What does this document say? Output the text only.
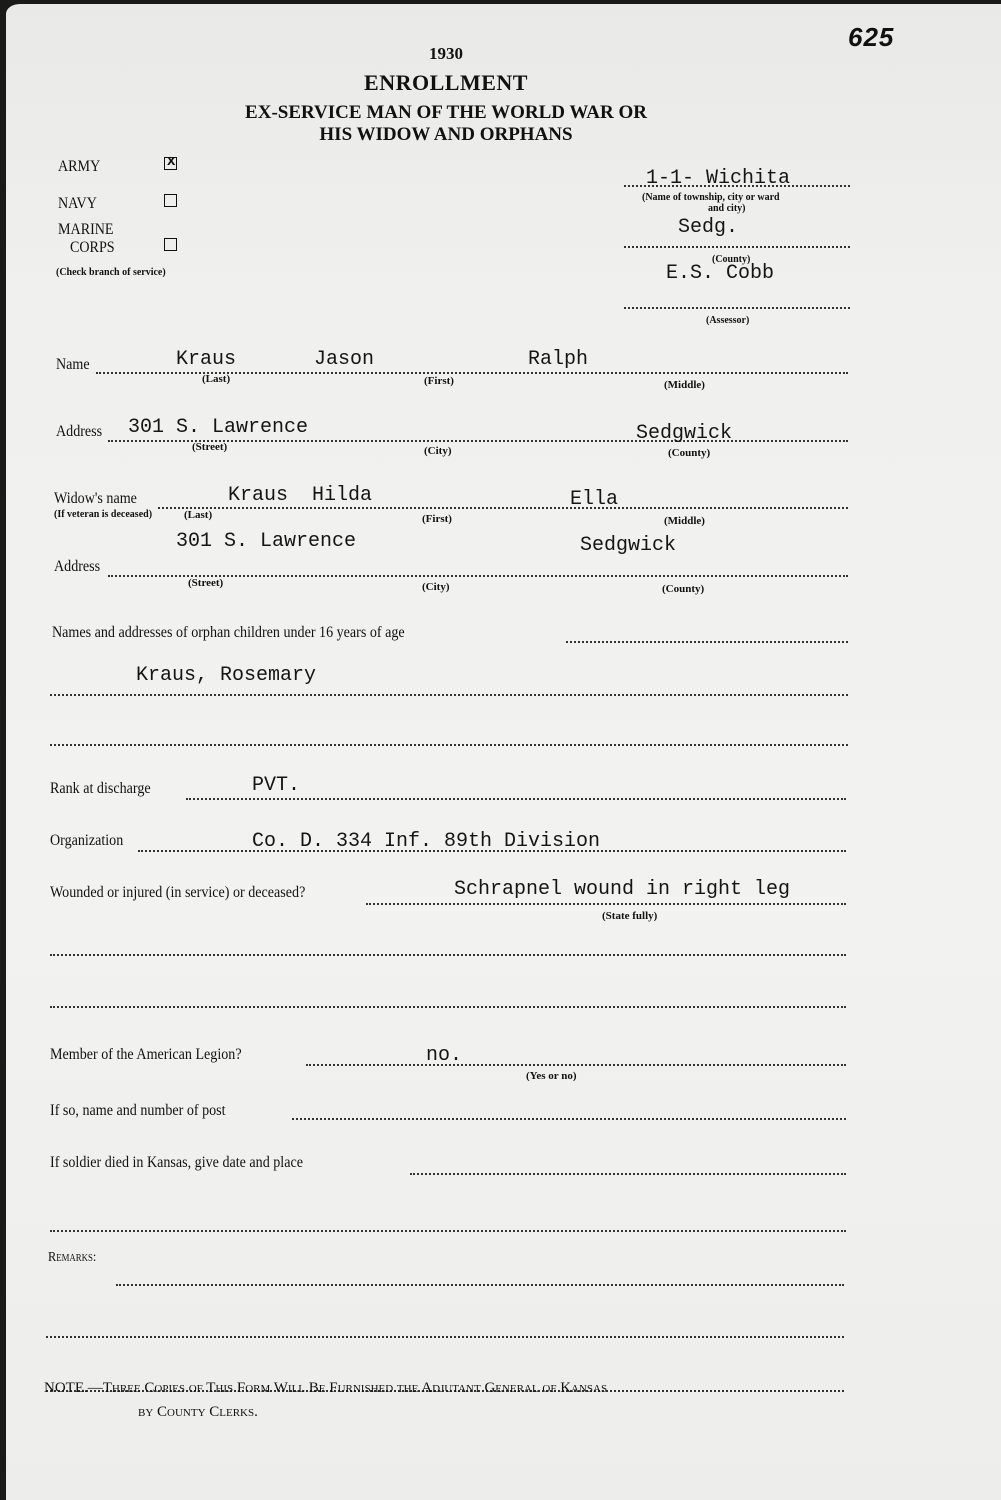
625
1930
ENROLLMENT
EX-SERVICE MAN OF THE WORLD WAR OR
HIS WIDOW AND ORPHANS
ARMY
x
NAVY
MARINE
CORPS
(Check branch of service)
1-1- Wichita
(Name of township, city or ward
and city)
Sedg.
(County)
E.S. Cobb
(Assessor)
Name	Kraus	Jason	Ralph
(Last)	(First)	(Middle)
Address 301 S. Lawrence	Sedgwick
(Street)	(City)	(County)
Widow's name	Kraus Hilda	Ella
(If veteran is deceased)	(Last)	(First)	(Middle)
301 S. Lawrence	Sedgwick
Address
(Street)	(City)	(County)
Names and addresses of orphan children under 16 years of age
Kraus, Rosemary
Rank at discharge	PVT.
Organization	Co. D. 334 Inf. 89th Division
Wounded or injured (in service) or deceased?	Schrapnel wound in right leg
(State fully)
Member of the American Legion?	no.
(Yes or no)
If so, name and number of post
If soldier died in Kansas, give date and place
Remarks:
NOTE.—Three Copies of This Form Will Be Furnished the Adjutant General of Kansas
by County Clerks.
